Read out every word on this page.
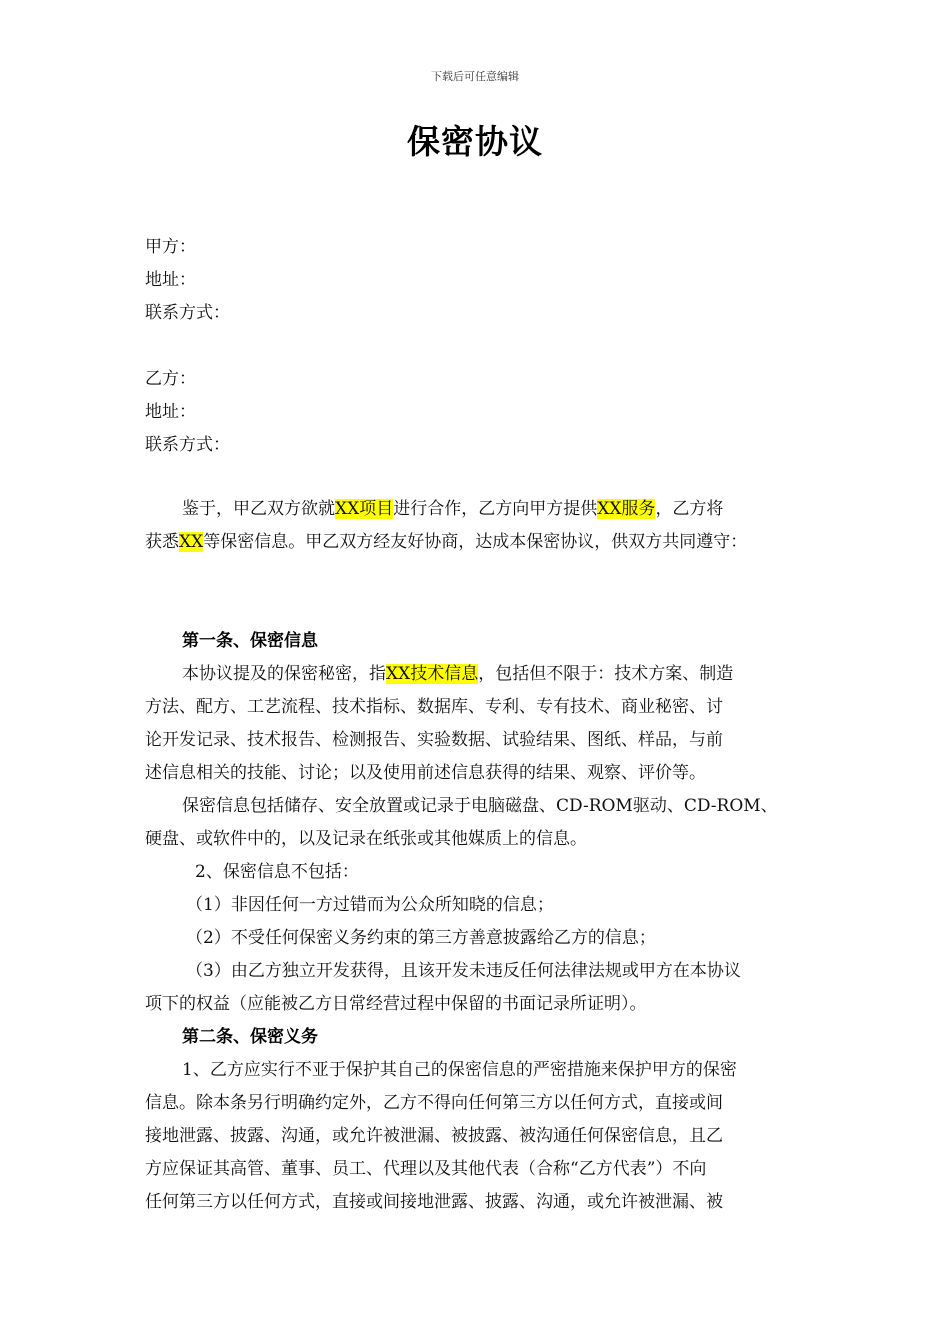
下载后可任意编辑
保密协议
甲方：
地址：
联系方式：
乙方：
地址：
联系方式：
鉴于，甲乙双方欲就XX项目进行合作，乙方向甲方提供XX服务，乙方将
获悉XX等保密信息。甲乙双方经友好协商，达成本保密协议，供双方共同遵守：
第一条、保密信息
本协议提及的保密秘密，指XX技术信息，包括但不限于：技术方案、制造
方法、配方、工艺流程、技术指标、数据库、专利、专有技术、商业秘密、讨
论开发记录、技术报告、检测报告、实验数据、试验结果、图纸、样品，与前
述信息相关的技能、讨论；以及使用前述信息获得的结果、观察、评价等。
保密信息包括储存、安全放置或记录于电脑磁盘、CD-ROM驱动、CD-ROM、
硬盘、或软件中的，以及记录在纸张或其他媒质上的信息。
2、保密信息不包括：
（1）非因任何一方过错而为公众所知晓的信息；
（2）不受任何保密义务约束的第三方善意披露给乙方的信息；
（3）由乙方独立开发获得，且该开发未违反任何法律法规或甲方在本协议
项下的权益（应能被乙方日常经营过程中保留的书面记录所证明）。
第二条、保密义务
1、乙方应实行不亚于保护其自己的保密信息的严密措施来保护甲方的保密
信息。除本条另行明确约定外，乙方不得向任何第三方以任何方式，直接或间
接地泄露、披露、沟通，或允许被泄漏、被披露、被沟通任何保密信息，且乙
方应保证其高管、董事、员工、代理以及其他代表（合称“乙方代表”）不向
任何第三方以任何方式，直接或间接地泄露、披露、沟通，或允许被泄漏、被
